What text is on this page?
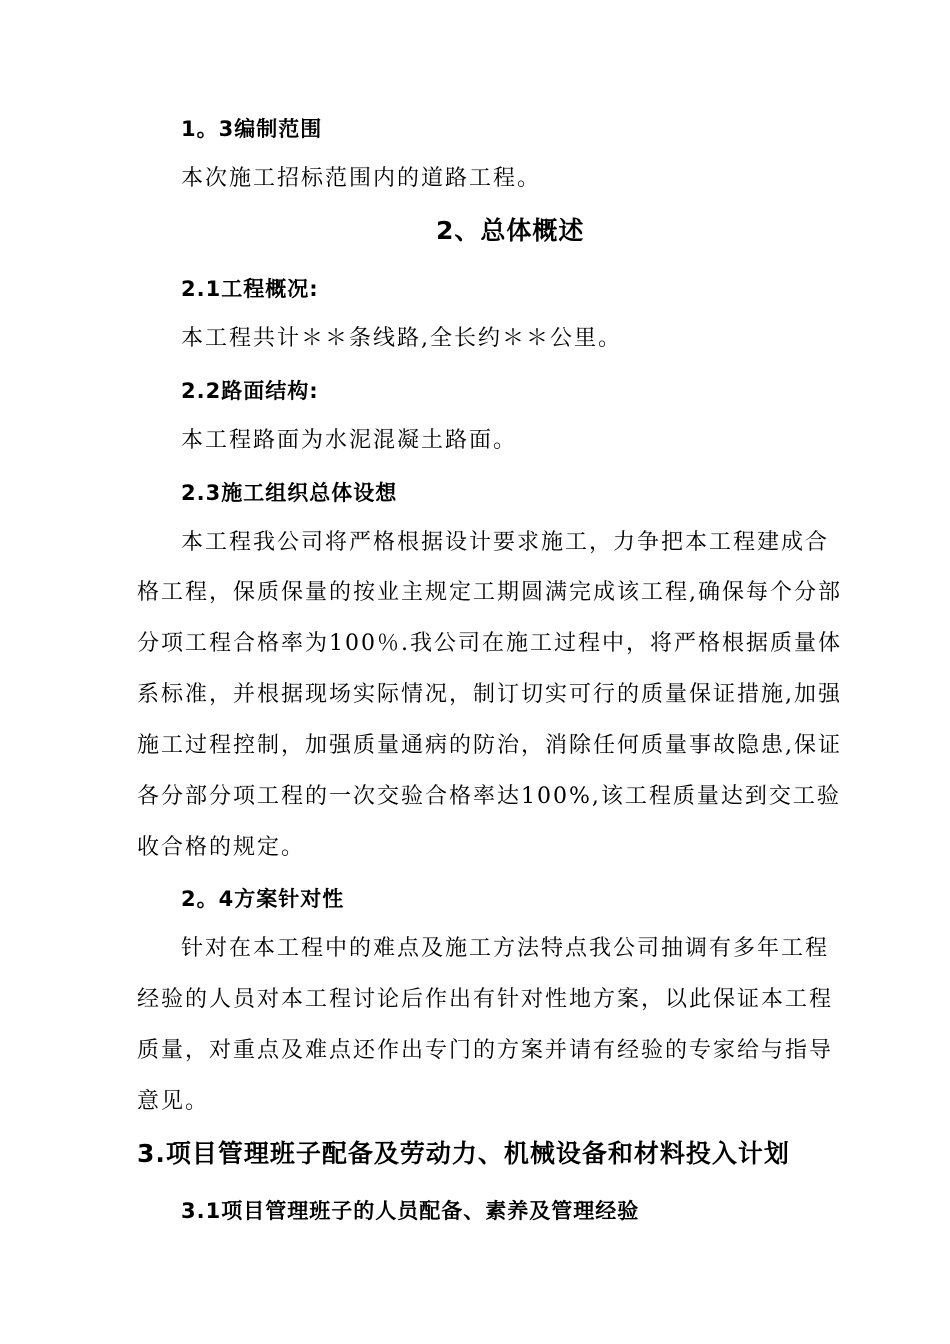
1。3编制范围
本次施工招标范围内的道路工程。
2、总体概述
2.1工程概况:
本工程共计＊＊条线路,全长约＊＊公里。
2.2路面结构:
本工程路面为水泥混凝土路面。
2.3施工组织总体设想
本工程我公司将严格根据设计要求施工，力争把本工程建成合
格工程，保质保量的按业主规定工期圆满完成该工程,确保每个分部
分项工程合格率为100％.我公司在施工过程中，将严格根据质量体
系标准，并根据现场实际情况，制订切实可行的质量保证措施,加强
施工过程控制，加强质量通病的防治，消除任何质量事故隐患,保证
各分部分项工程的一次交验合格率达100%,该工程质量达到交工验
收合格的规定。
2。4方案针对性
针对在本工程中的难点及施工方法特点我公司抽调有多年工程
经验的人员对本工程讨论后作出有针对性地方案，以此保证本工程
质量，对重点及难点还作出专门的方案并请有经验的专家给与指导
意见。
3.项目管理班子配备及劳动力、机械设备和材料投入计划
3.1项目管理班子的人员配备、素养及管理经验
